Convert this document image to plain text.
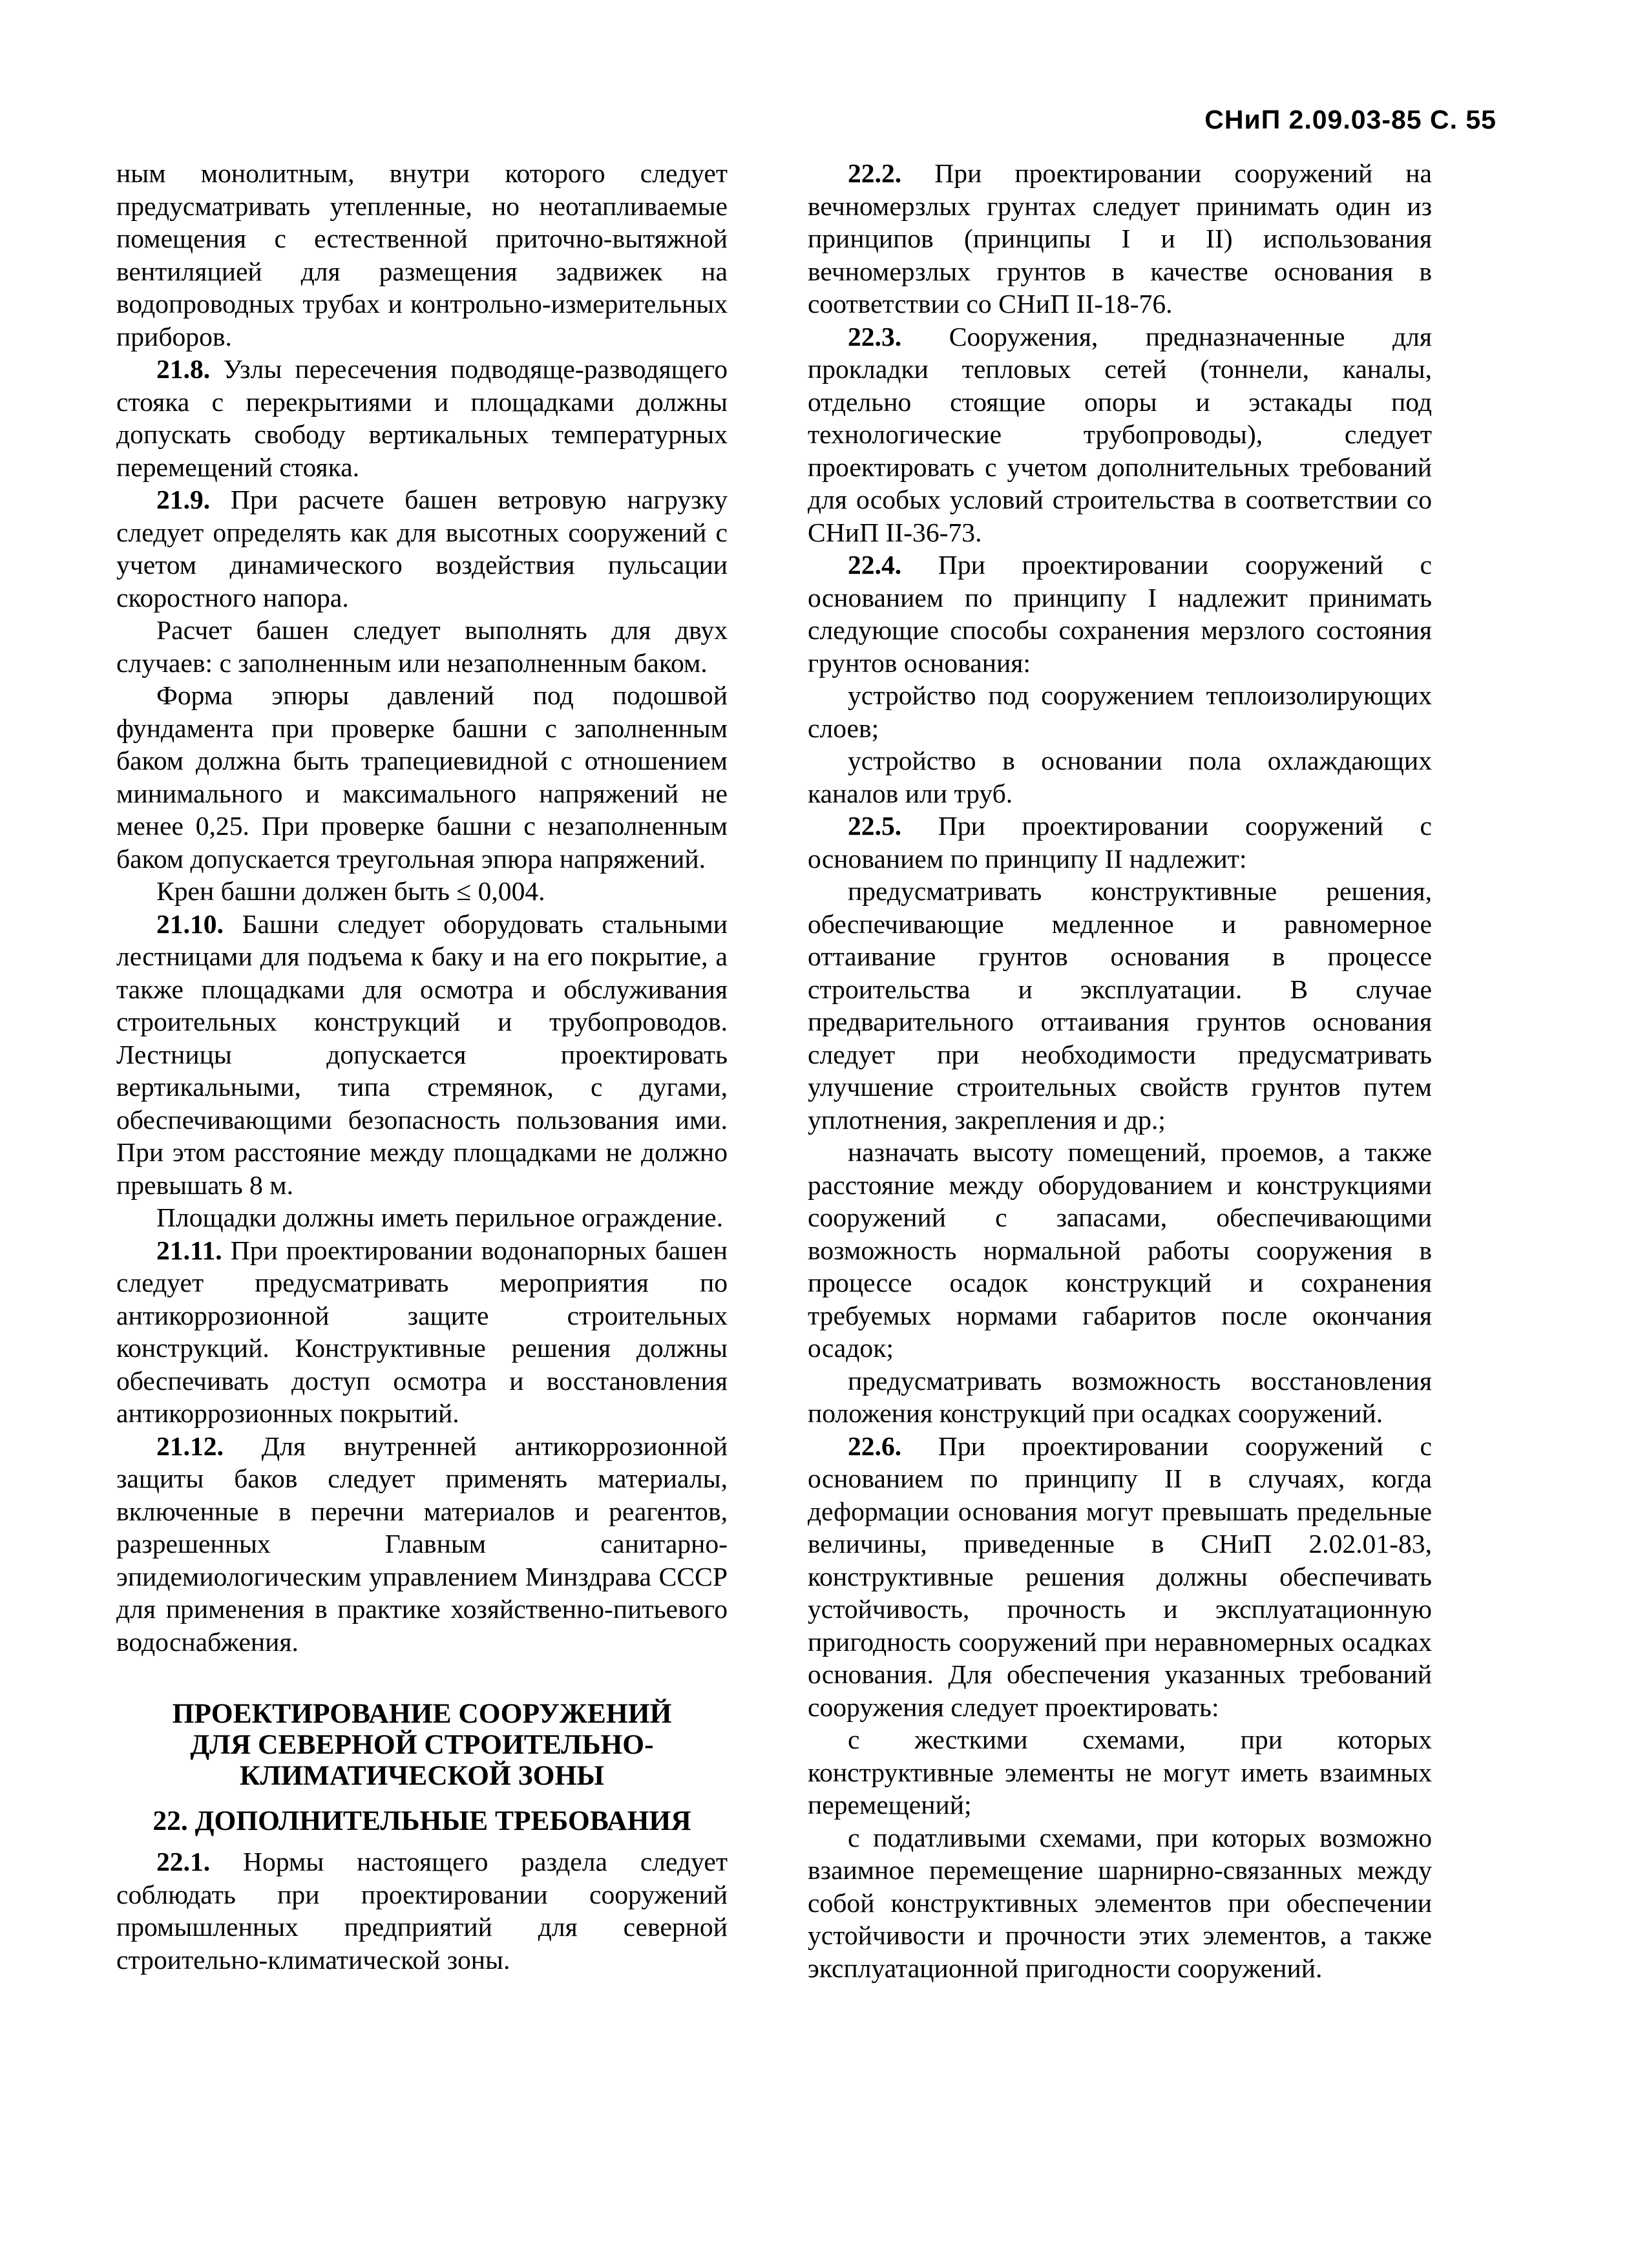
СНиП 2.09.03-85 С. 55

ным монолитным, внутри которого следует предусматривать утепленные, но неотапливаемые помещения с естественной приточно-вытяжной вентиляцией для размещения задвижек на водопроводных трубах и контрольно-измерительных приборов.

21.8. Узлы пересечения подводяще-разводящего стояка с перекрытиями и площадками должны допускать свободу вертикальных температурных перемещений стояка.

21.9. При расчете башен ветровую нагрузку следует определять как для высотных сооружений с учетом динамического воздействия пульсации скоростного напора.

Расчет башен следует выполнять для двух случаев: с заполненным или незаполненным баком.

Форма эпюры давлений под подошвой фундамента при проверке башни с заполненным баком должна быть трапециевидной с отношением минимального и максимального напряжений не менее 0,25. При проверке башни с незаполненным баком допускается треугольная эпюра напряжений.

Крен башни должен быть ≤ 0,004.

21.10. Башни следует оборудовать стальными лестницами для подъема к баку и на его покрытие, а также площадками для осмотра и обслуживания строительных конструкций и трубопроводов. Лестницы допускается проектировать вертикальными, типа стремянок, с дугами, обеспечивающими безопасность пользования ими. При этом расстояние между площадками не должно превышать 8 м.

Площадки должны иметь перильное ограждение.

21.11. При проектировании водонапорных башен следует предусматривать мероприятия по антикоррозионной защите строительных конструкций. Конструктивные решения должны обеспечивать доступ осмотра и восстановления антикоррозионных покрытий.

21.12. Для внутренней антикоррозионной защиты баков следует применять материалы, включенные в перечни материалов и реагентов, разрешенных Главным санитарно-эпидемиологическим управлением Минздрава СССР для применения в практике хозяйственно-питьевого водоснабжения.

ПРОЕКТИРОВАНИЕ СООРУЖЕНИЙ
ДЛЯ СЕВЕРНОЙ СТРОИТЕЛЬНО-
КЛИМАТИЧЕСКОЙ ЗОНЫ
22. ДОПОЛНИТЕЛЬНЫЕ ТРЕБОВАНИЯ

22.1. Нормы настоящего раздела следует соблюдать при проектировании сооружений промышленных предприятий для северной строительно-климатической зоны.

22.2. При проектировании сооружений на вечномерзлых грунтах следует принимать один из принципов (принципы I и II) использования вечномерзлых грунтов в качестве основания в соответствии со СНиП II-18-76.

22.3. Сооружения, предназначенные для прокладки тепловых сетей (тоннели, каналы, отдельно стоящие опоры и эстакады под технологические трубопроводы), следует проектировать с учетом дополнительных требований для особых условий строительства в соответствии со СНиП II-36-73.

22.4. При проектировании сооружений с основанием по принципу I надлежит принимать следующие способы сохранения мерзлого состояния грунтов основания:

устройство под сооружением теплоизолирующих слоев;

устройство в основании пола охлаждающих каналов или труб.

22.5. При проектировании сооружений с основанием по принципу II надлежит:

предусматривать конструктивные решения, обеспечивающие медленное и равномерное оттаивание грунтов основания в процессе строительства и эксплуатации. В случае предварительного оттаивания грунтов основания следует при необходимости предусматривать улучшение строительных свойств грунтов путем уплотнения, закрепления и др.;

назначать высоту помещений, проемов, а также расстояние между оборудованием и конструкциями сооружений с запасами, обеспечивающими возможность нормальной работы сооружения в процессе осадок конструкций и сохранения требуемых нормами габаритов после окончания осадок;

предусматривать возможность восстановления положения конструкций при осадках сооружений.

22.6. При проектировании сооружений с основанием по принципу II в случаях, когда деформации основания могут превышать предельные величины, приведенные в СНиП 2.02.01-83, конструктивные решения должны обеспечивать устойчивость, прочность и эксплуатационную пригодность сооружений при неравномерных осадках основания. Для обеспечения указанных требований сооружения следует проектировать:

с жесткими схемами, при которых конструктивные элементы не могут иметь взаимных перемещений;

с податливыми схемами, при которых возможно взаимное перемещение шарнирно-связанных между собой конструктивных элементов при обеспечении устойчивости и прочности этих элементов, а также эксплуатационной пригодности сооружений.
